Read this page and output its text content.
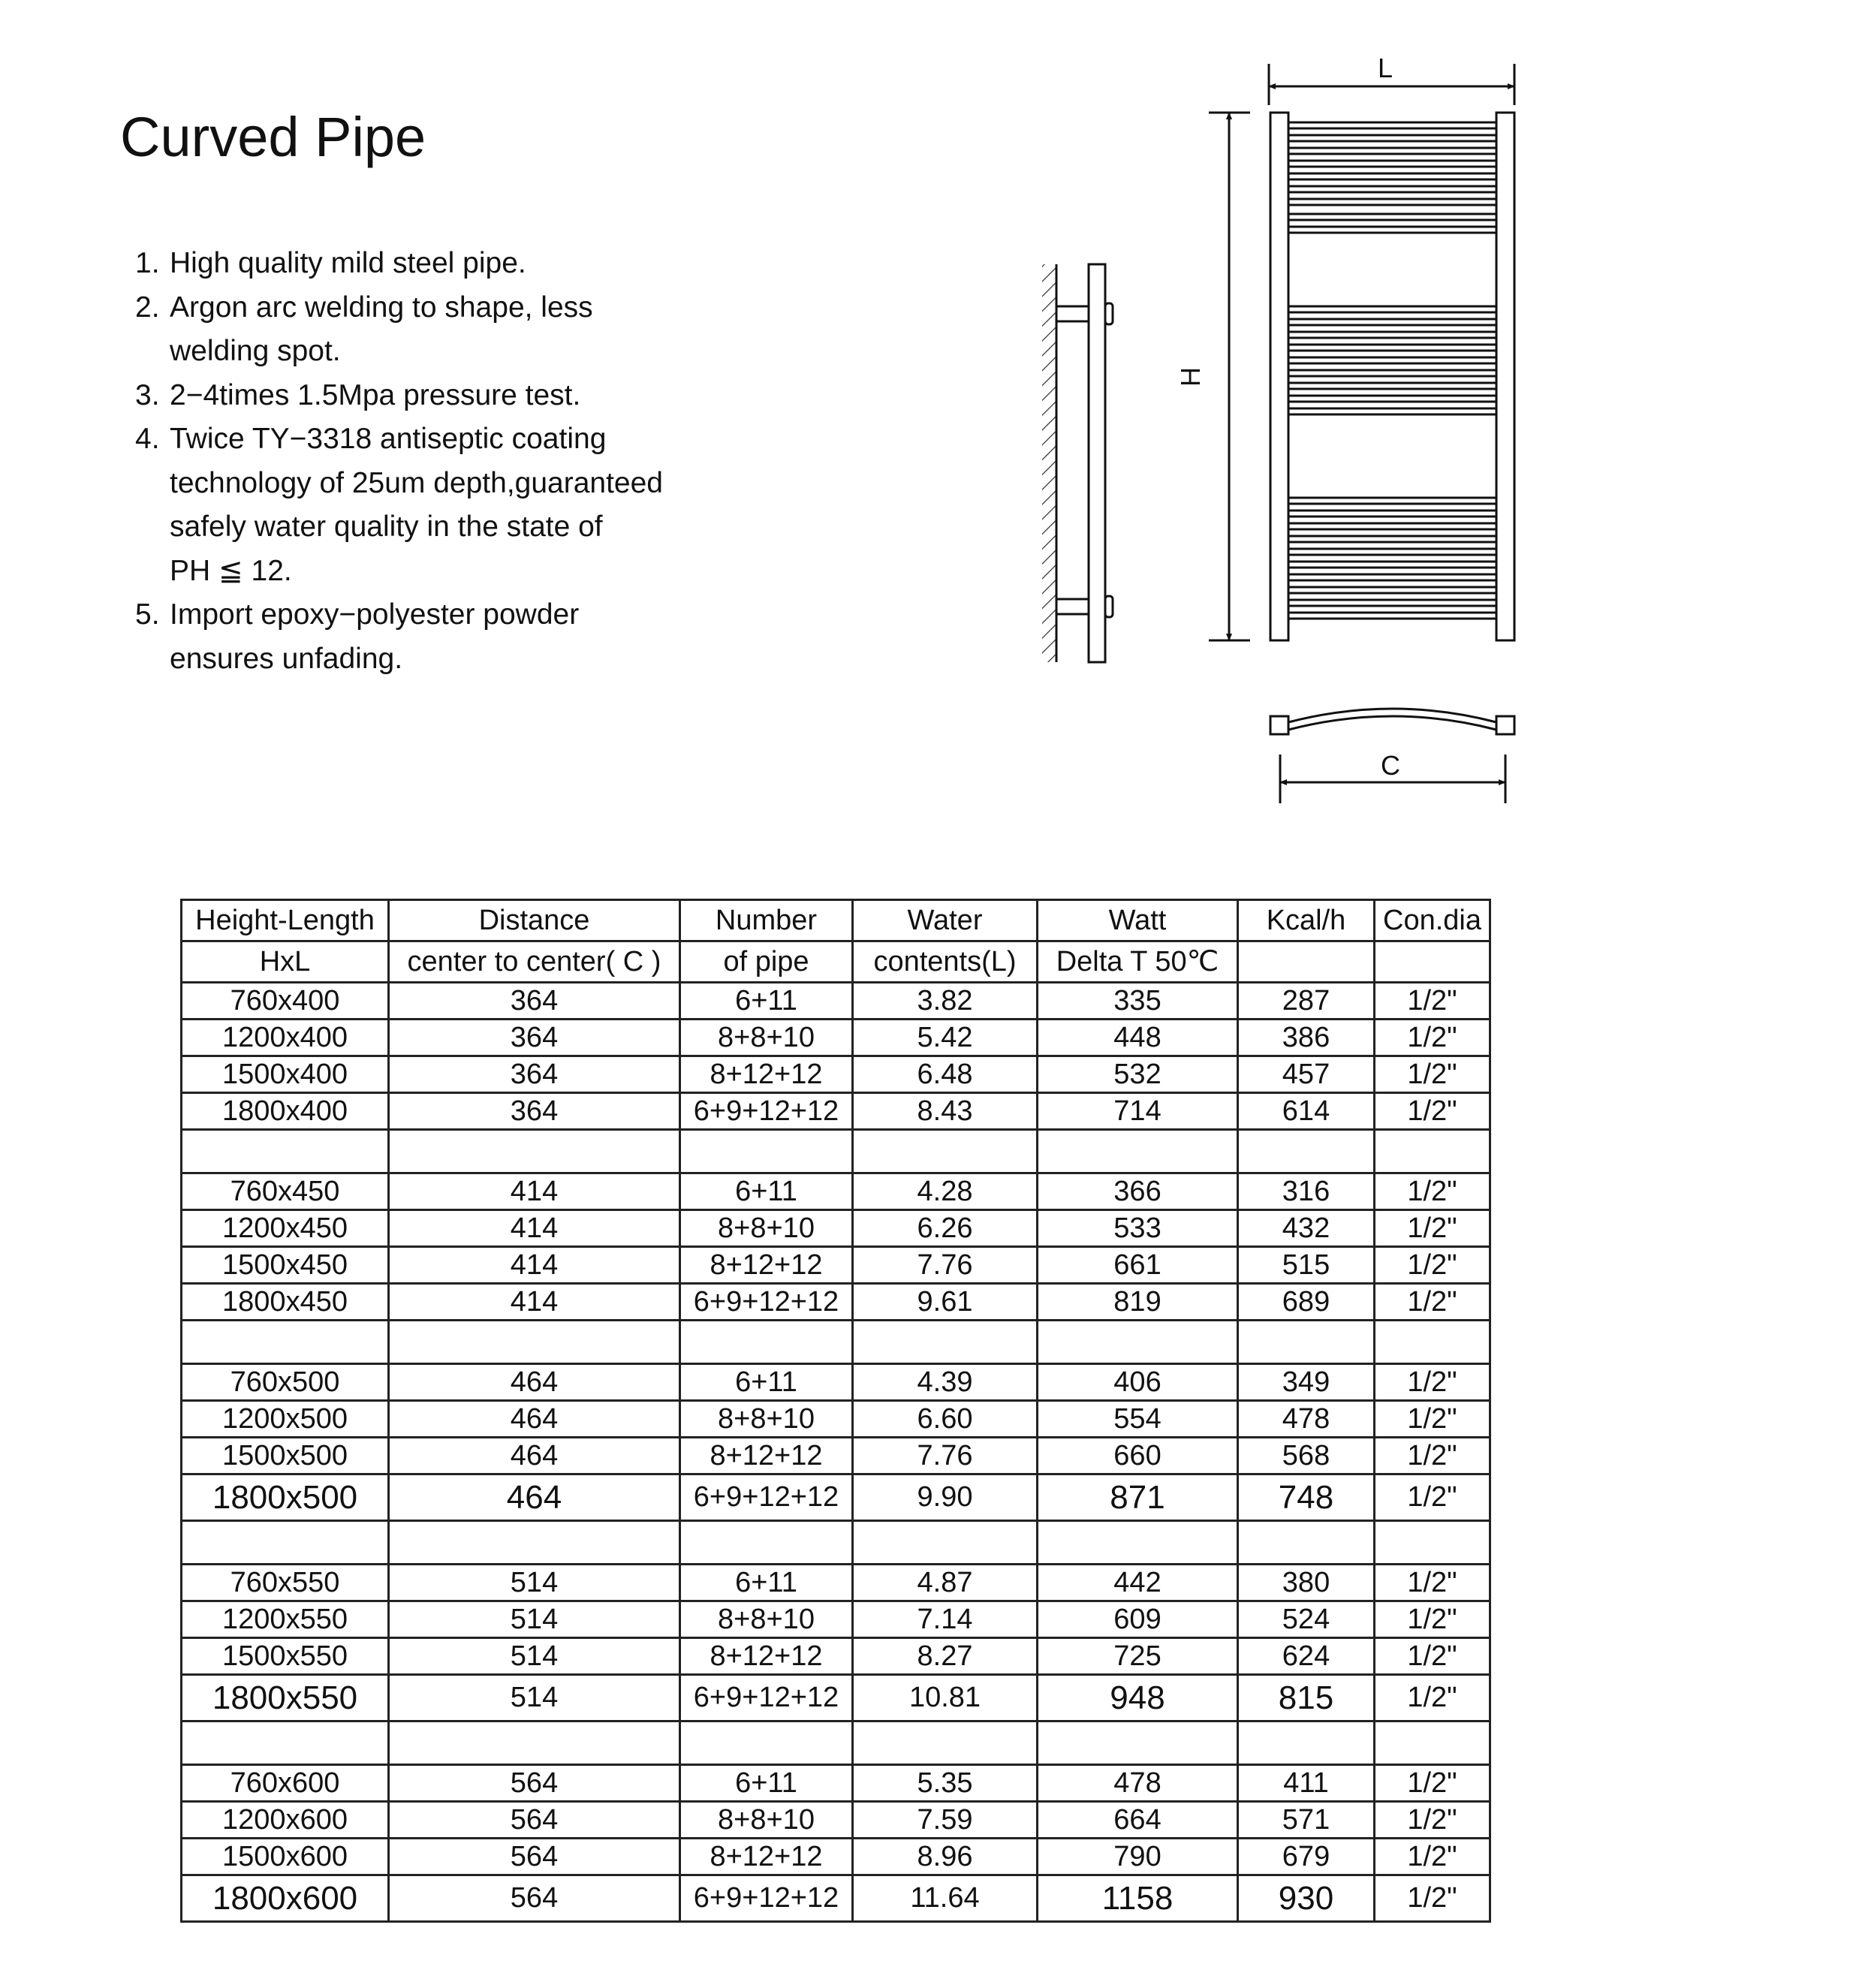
Curved Pipe
1. High quality mild steel pipe.
2. Argon arc welding to shape, less
welding spot.
3. 2−4times 1.5Mpa pressure test.
4. Twice TY−3318 antiseptic coating
technology of 25um depth,guaranteed
safely water quality in the state of
PH ≦ 12.
5. Import epoxy−polyester powder
ensures unfading.
L
H
C
Height-Length	Distance	Number	Water	Watt	Kcal/h	Con.dia
HxL	center to center( C )	of pipe	contents(L)	Delta T 50℃		
760x400	364	6+11	3.82	335	287	1/2"
1200x400	364	8+8+10	5.42	448	386	1/2"
1500x400	364	8+12+12	6.48	532	457	1/2"
1800x400	364	6+9+12+12	8.43	714	614	1/2"

760x450	414	6+11	4.28	366	316	1/2"
1200x450	414	8+8+10	6.26	533	432	1/2"
1500x450	414	8+12+12	7.76	661	515	1/2"
1800x450	414	6+9+12+12	9.61	819	689	1/2"

760x500	464	6+11	4.39	406	349	1/2"
1200x500	464	8+8+10	6.60	554	478	1/2"
1500x500	464	8+12+12	7.76	660	568	1/2"
1800x500	464	6+9+12+12	9.90	871	748	1/2"

760x550	514	6+11	4.87	442	380	1/2"
1200x550	514	8+8+10	7.14	609	524	1/2"
1500x550	514	8+12+12	8.27	725	624	1/2"
1800x550	514	6+9+12+12	10.81	948	815	1/2"

760x600	564	6+11	5.35	478	411	1/2"
1200x600	564	8+8+10	7.59	664	571	1/2"
1500x600	564	8+12+12	8.96	790	679	1/2"
1800x600	564	6+9+12+12	11.64	1158	930	1/2"
